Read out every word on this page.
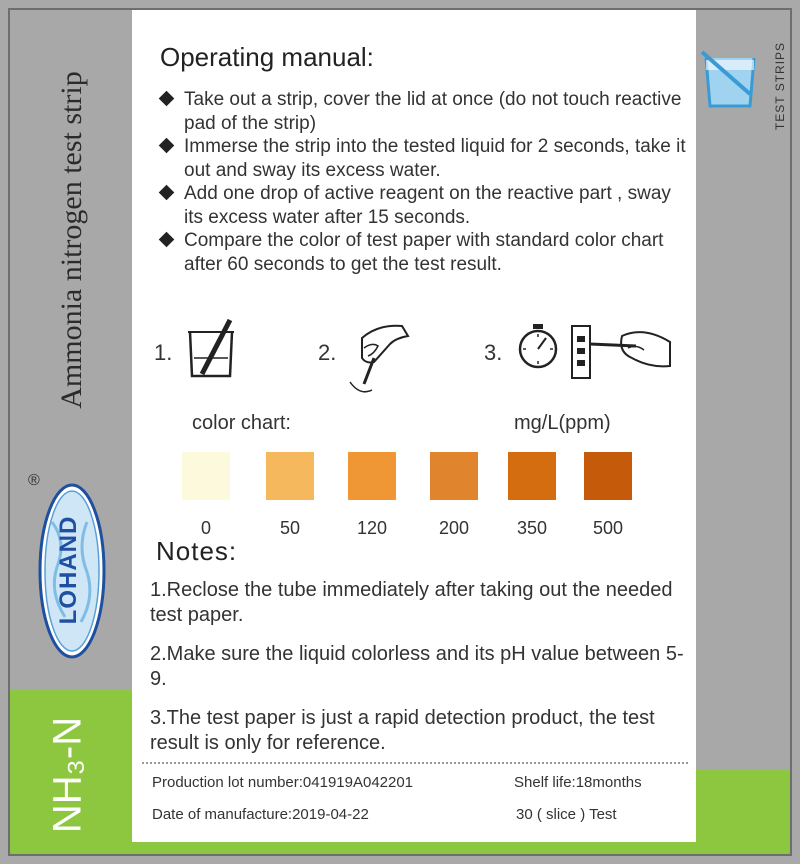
Ammonia nitrogen test strip
®
LOHAND
NH₃-N
TEST STRIPS
Operating manual:

Take out a strip, cover the lid at once (do not touch reactive pad of the strip)

Immerse the strip into the tested liquid for 2 seconds, take it out and sway its excess water.

Add one drop of active reagent on the reactive part , sway its excess water after 15 seconds.

Compare the color of test paper with standard color chart after 60 seconds to get the test result.

1.	2.	3.
color chart:	mg/L(ppm)
0	50	120	200	350	500
Notes:

1.Reclose the tube immediately after taking out the needed test paper.

2.Make sure the liquid colorless and its pH value between 5-9.

3.The test paper is just a rapid detection product, the test result is only for reference.

Production lot number:041919A042201	Shelf life:18months
Date of manufacture:2019-04-22	30 ( slice ) Test
